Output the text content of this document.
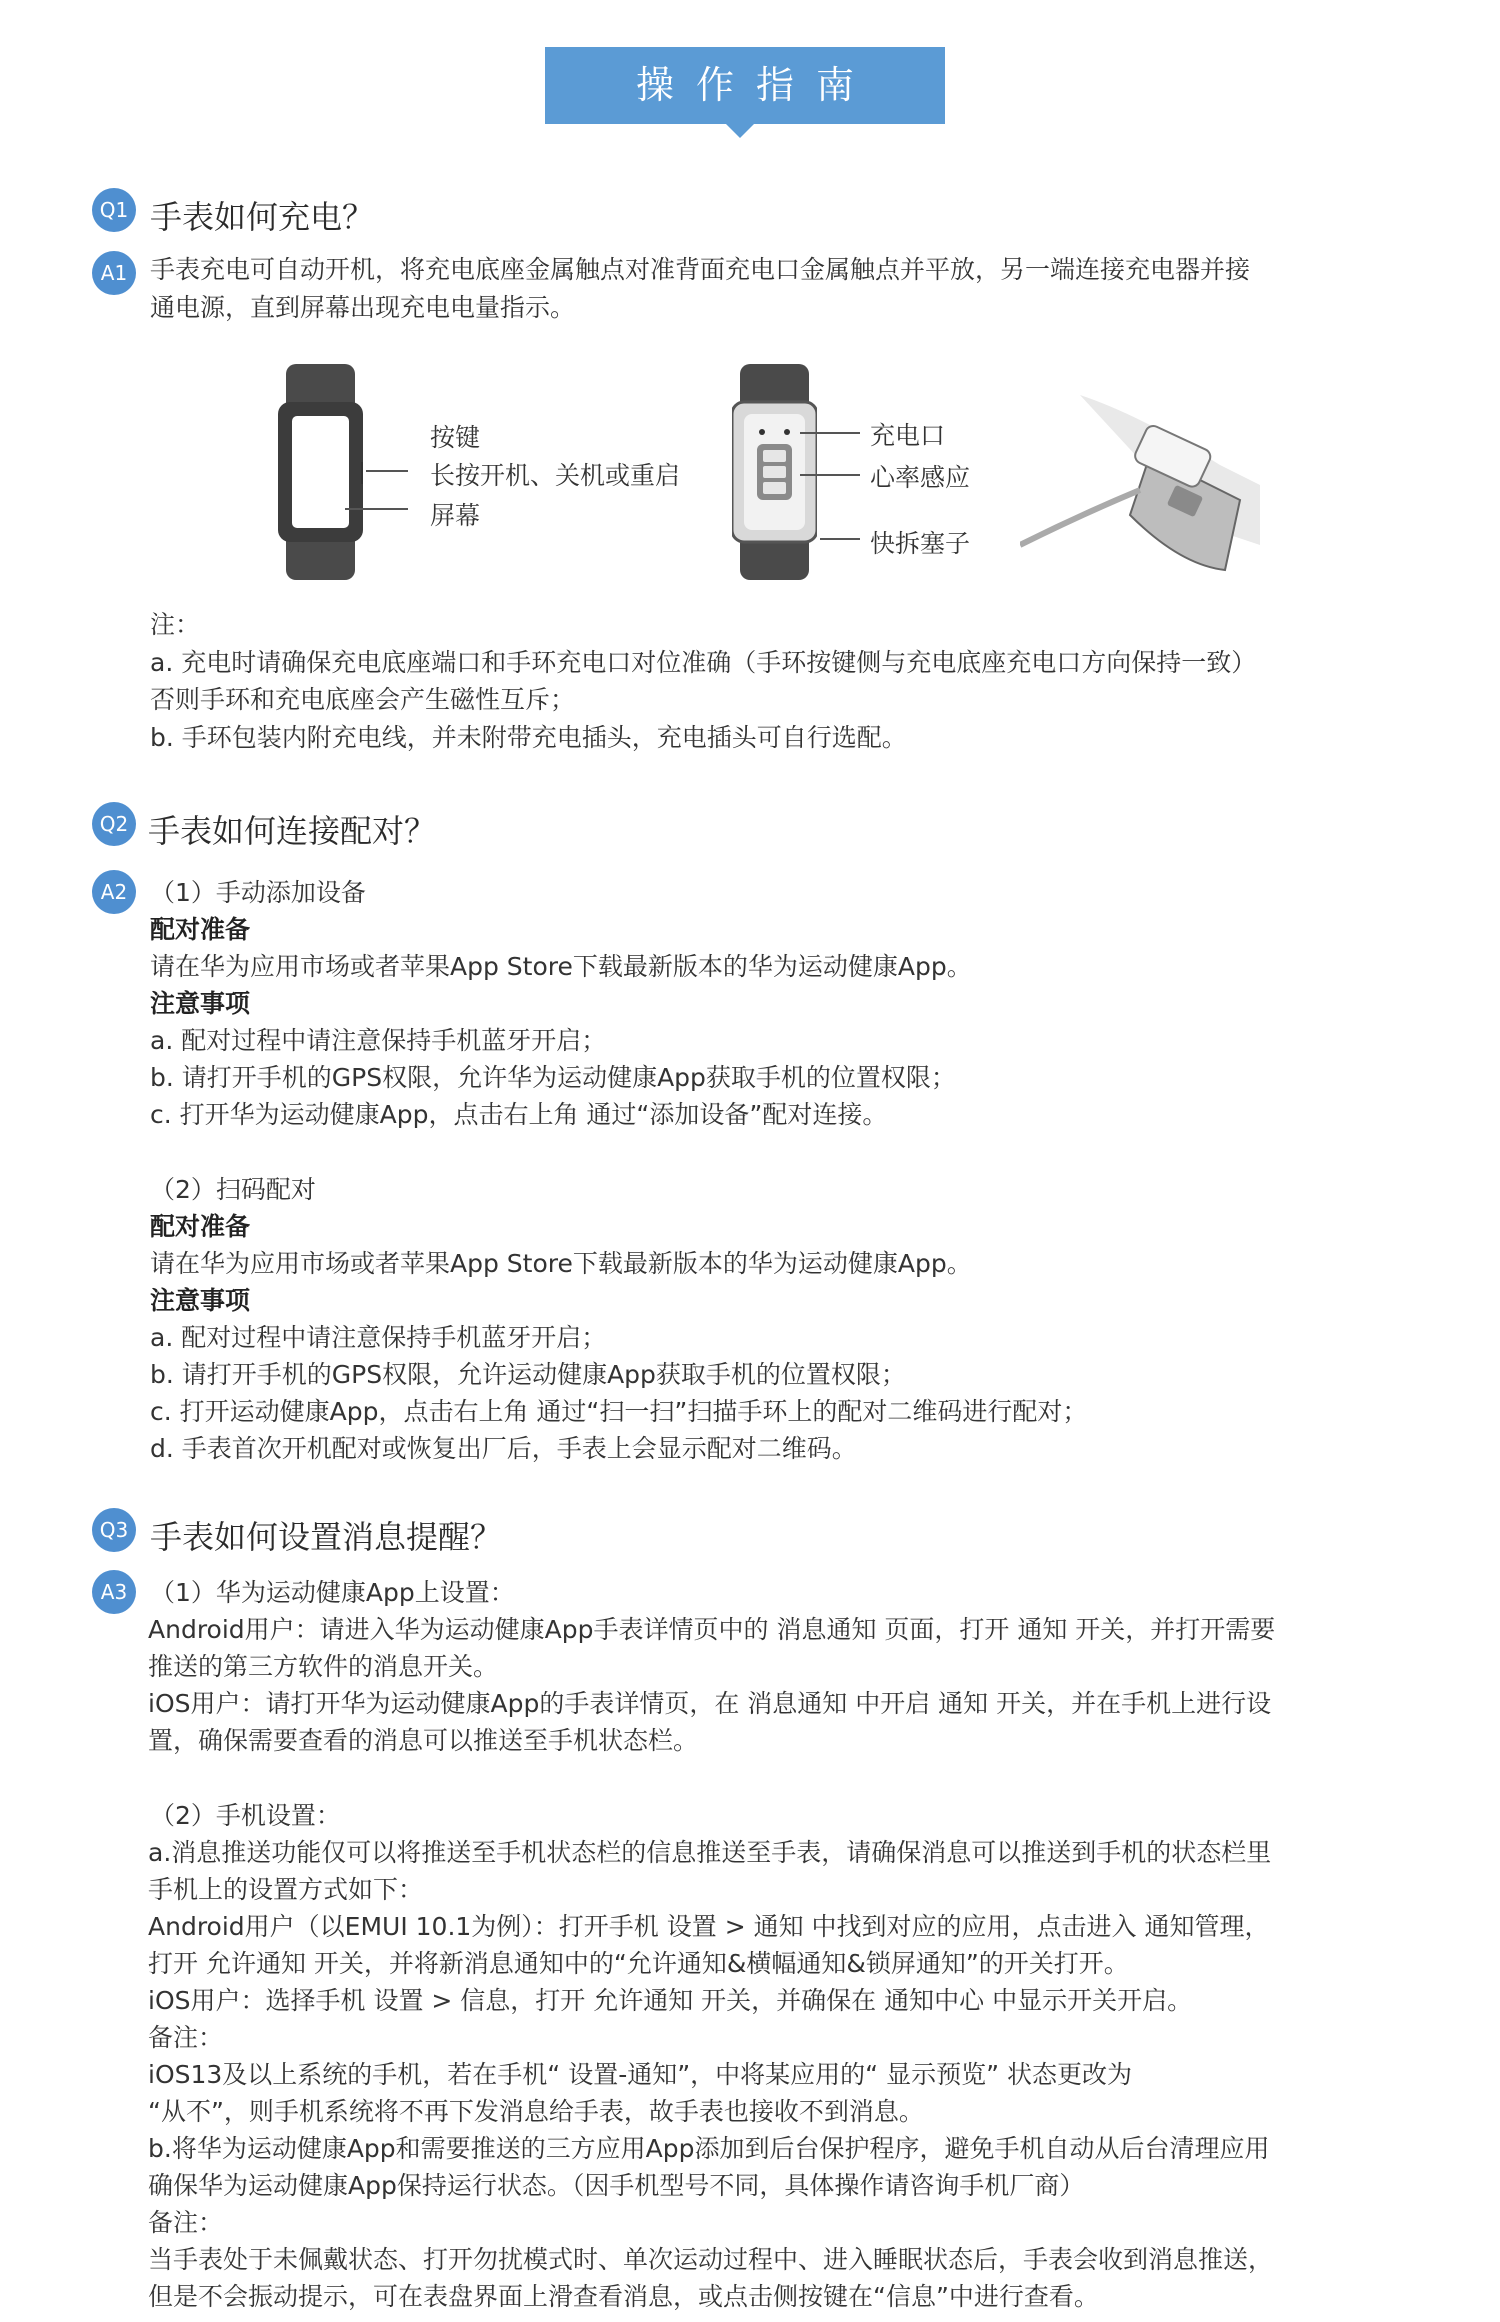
操作指南
Q1 手表如何充电？
A1 手表充电可自动开机，将充电底座金属触点对准背面充电口金属触点并平放，另一端连接充电器并接
通电源，直到屏幕出现充电电量指示。
按键
长按开机、关机或重启
屏幕
充电口
心率感应
快拆塞子
注：
a. 充电时请确保充电底座端口和手环充电口对位准确（手环按键侧与充电底座充电口方向保持一致）
否则手环和充电底座会产生磁性互斥；
b. 手环包装内附充电线，并未附带充电插头，充电插头可自行选配。
Q2 手表如何连接配对？
A2 （1）手动添加设备
配对准备
请在华为应用市场或者苹果App Store下载最新版本的华为运动健康App。
注意事项
a. 配对过程中请注意保持手机蓝牙开启；
b. 请打开手机的GPS权限，允许华为运动健康App获取手机的位置权限；
c. 打开华为运动健康App，点击右上角 通过“添加设备”配对连接。
（2）扫码配对
配对准备
请在华为应用市场或者苹果App Store下载最新版本的华为运动健康App。
注意事项
a. 配对过程中请注意保持手机蓝牙开启；
b. 请打开手机的GPS权限，允许运动健康App获取手机的位置权限；
c. 打开运动健康App，点击右上角 通过“扫一扫”扫描手环上的配对二维码进行配对；
d. 手表首次开机配对或恢复出厂后，手表上会显示配对二维码。
Q3 手表如何设置消息提醒？
A3 （1）华为运动健康App上设置：
Android用户：请进入华为运动健康App手表详情页中的 消息通知 页面，打开 通知 开关，并打开需要
推送的第三方软件的消息开关。
iOS用户：请打开华为运动健康App的手表详情页，在 消息通知 中开启 通知 开关，并在手机上进行设
置，确保需要查看的消息可以推送至手机状态栏。
（2）手机设置：
a.消息推送功能仅可以将推送至手机状态栏的信息推送至手表，请确保消息可以推送到手机的状态栏里
手机上的设置方式如下：
Android用户（以EMUI 10.1为例）：打开手机 设置 > 通知 中找到对应的应用，点击进入 通知管理，
打开 允许通知 开关，并将新消息通知中的“允许通知&横幅通知&锁屏通知”的开关打开。
iOS用户：选择手机 设置 > 信息，打开 允许通知 开关，并确保在 通知中心 中显示开关开启。
备注：
iOS13及以上系统的手机，若在手机“ 设置-通知”，中将某应用的“ 显示预览” 状态更改为
“从不”，则手机系统将不再下发消息给手表，故手表也接收不到消息。
b.将华为运动健康App和需要推送的三方应用App添加到后台保护程序，避免手机自动从后台清理应用
确保华为运动健康App保持运行状态。（因手机型号不同，具体操作请咨询手机厂商）
备注：
当手表处于未佩戴状态、打开勿扰模式时、单次运动过程中、进入睡眠状态后，手表会收到消息推送，
但是不会振动提示，可在表盘界面上滑查看消息，或点击侧按键在“信息”中进行查看。
